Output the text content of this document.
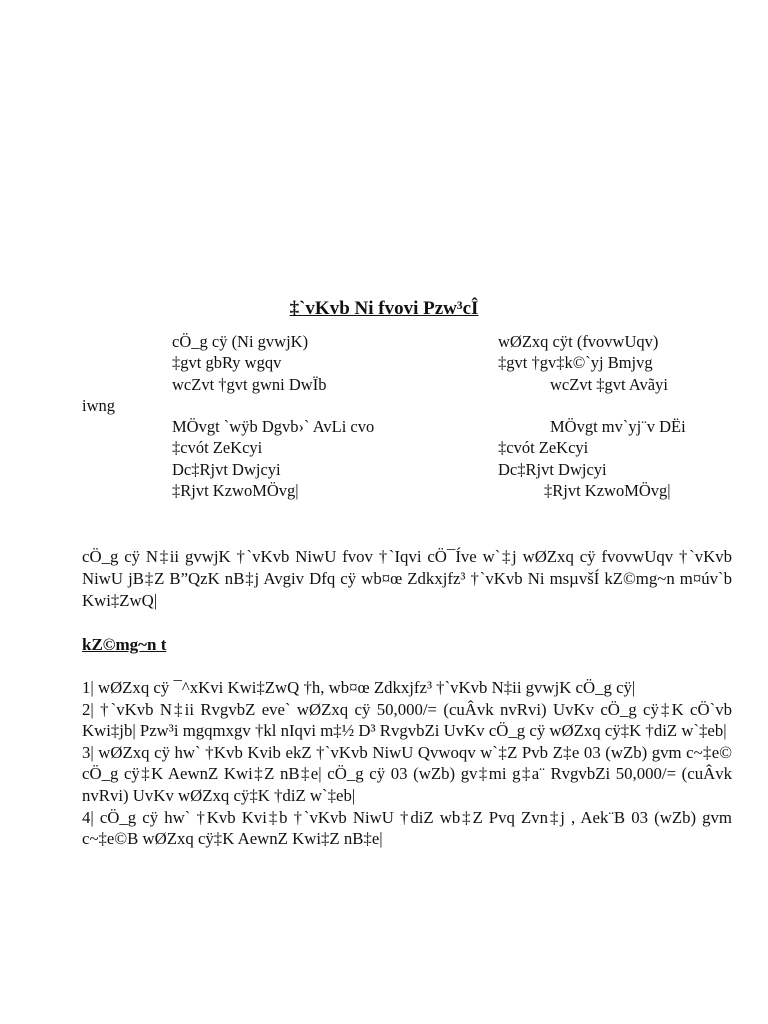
‡`vKvb Ni fvovi Pzw³cÎ
cÖ_g cÿ (Ni gvwjK)
‡gvt gbRy wgqv
wcZvt †gvt gwni DwÏb
MÖvgt `wÿb Dgvb›` AvLi cvo
‡cvót ZeKcyi
Dc‡Rjvt Dwjcyi
‡Rjvt KzwoMÖvg|
wØZxq cÿt (fvovwUqv)
‡gvt †gv‡k©`yj Bmjvg
wcZvt ‡gvt Avãyi
MÖvgt mv`yj¨v DËi
‡cvót ZeKcyi
Dc‡Rjvt Dwjcyi
‡Rjvt KzwoMÖvg|
iwng
cÖ_g cÿ N‡ii gvwjK †`vKvb NiwU fvov †`Iqvi cÖ¯Íve w`‡j wØZxq cÿ fvovwUqv †`vKvb NiwU jB‡Z B”QzK nB‡j Avgiv Dfq cÿ wb¤œ Zdkxjfz³ †`vKvb Ni msµvšÍ kZ©mg~n m¤úv`b Kwi‡ZwQ|
kZ©mg~n t

1| wØZxq cÿ ¯^xKvi Kwi‡ZwQ †h, wb¤œ Zdkxjfz³ †`vKvb N‡ii gvwjK cÖ_g cÿ|

2| †`vKvb N‡ii RvgvbZ eve` wØZxq cÿ 50,000/= (cuÂvk nvRvi) UvKv cÖ_g cÿ‡K cÖ`vb Kwi‡jb| Pzw³i mgqmxgv †kl nIqvi m‡½ D³ RvgvbZi UvKv cÖ_g cÿ wØZxq cÿ‡K †diZ w`‡eb|

3| wØZxq cÿ hw` †Kvb Kvib ekZ †`vKvb NiwU Qvwoqv w`‡Z Pvb Z‡e 03 (wZb) gvm c~‡e© cÖ_g cÿ‡K AewnZ Kwi‡Z nB‡e| cÖ_g cÿ 03 (wZb) gv‡mi g‡a¨ RvgvbZi 50,000/= (cuÂvk nvRvi) UvKv wØZxq cÿ‡K †diZ w`‡eb|

4| cÖ_g cÿ hw` †Kvb Kvi‡b †`vKvb NiwU †diZ wb‡Z Pvq Zvn‡j , Aek¨B 03 (wZb) gvm c~‡e©B wØZxq cÿ‡K AewnZ Kwi‡Z nB‡e|
